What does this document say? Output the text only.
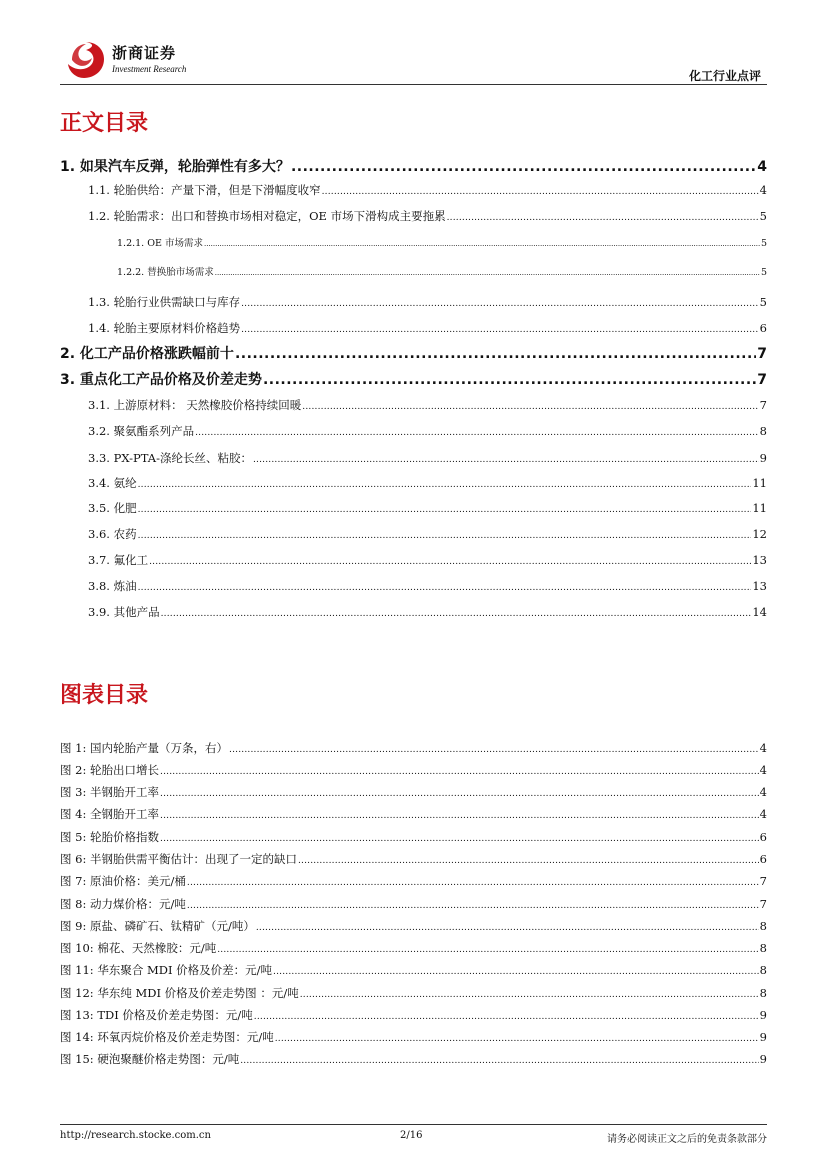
浙商证券
Investment Research	化工行业点评
正文目录
1. 如果汽车反弹，轮胎弹性有多大？ .....	4
1.1. 轮胎供给：产量下滑，但是下滑幅度收窄 .....	4
1.2. 轮胎需求：出口和替换市场相对稳定，OE 市场下滑构成主要拖累 .....	5
1.2.1. OE 市场需求 .....	5
1.2.2. 替换胎市场需求 .....	5
1.3. 轮胎行业供需缺口与库存 .....	5
1.4. 轮胎主要原材料价格趋势 .....	6
2. 化工产品价格涨跌幅前十 .....	7
3. 重点化工产品价格及价差走势 .....	7
3.1. 上游原材料： 天然橡胶价格持续回暖 .....	7
3.2. 聚氨酯系列产品 .....	8
3.3. PX-PTA-涤纶长丝、粘胶： .....	9
3.4. 氨纶 .....	11
3.5. 化肥 .....	11
3.6. 农药 .....	12
3.7. 氟化工 .....	13
3.8. 炼油 .....	13
3.9. 其他产品 .....	14
图表目录
图 1: 国内轮胎产量（万条，右） .....	4
图 2: 轮胎出口增长 .....	4
图 3: 半钢胎开工率 .....	4
图 4: 全钢胎开工率 .....	4
图 5: 轮胎价格指数 .....	6
图 6: 半钢胎供需平衡估计：出现了一定的缺口 .....	6
图 7: 原油价格：美元/桶 .....	7
图 8: 动力煤价格：元/吨 .....	7
图 9: 原盐、磷矿石、钛精矿（元/吨） .....	8
图 10: 棉花、天然橡胶：元/吨 .....	8
图 11: 华东聚合 MDI 价格及价差：元/吨 .....	8
图 12: 华东纯 MDI 价格及价差走势图 ：元/吨 .....	8
图 13: TDI 价格及价差走势图：元/吨 .....	9
图 14: 环氧丙烷价格及价差走势图：元/吨 .....	9
图 15: 硬泡聚醚价格走势图：元/吨 .....	9
http://research.stocke.com.cn	2/16	请务必阅读正文之后的免责条款部分
